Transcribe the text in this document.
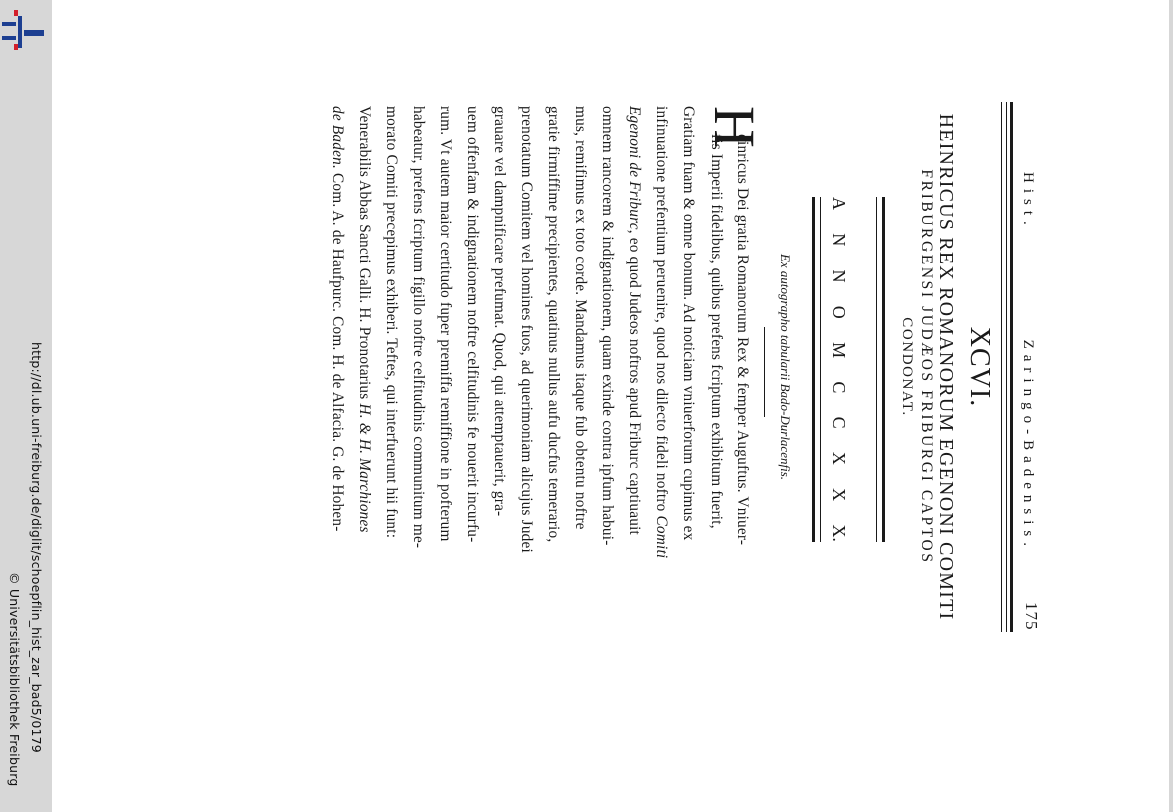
http://dl.ub.uni-freiburg.de/diglit/schoepflin_hist_zar_bad5/0179
© Universitätsbibliothek Freiburg
Hist.
Zaringo-Badensis.
175
XCVI.
HEINRICUS REX ROMANORUM EGENONI COMITI
FRIBURGENSI JUDÆOS FRIBURGI CAPTOS
CONDONAT.
A
N
N
O
M
C
C
X
X
X.
Ex autographo tabularii Bado-Durlacenfis.
H
einricus Dei gratia Romanorum Rex & femper Auguftus. Vniuer-
fis Imperii fidelibus, quibus prefens fcriptum exhibitum fuerit,
Gratiam fuam & omne bonum. Ad noticiam vniuerforum cupimus ex
infinuatione prefentium peruenire, quod nos dilecto fideli noftro Comiti
Egenoni de Friburc, eo quod Judeos noftros apud Friburc captiuauit
omnem rancorem & indignationem, quam exinde contra ipfum habui-
mus, remifimus ex toto corde. Mandamus itaque fub obtentu noftre
gratie firmiffime precipientes, quatinus nullus aufu ducfus temerario,
prenotatum Comitem vel homines fuos, ad querimoniam alicujus Judei
grauare vel dampnificare prefumat. Quod, qui attemptauerit, gra-
uem offenfam & indignationem noftre celfitudinis fe nouerit incurfu-
rum. Vt autem maior certitudo fuper premiffa remiffione in pofterum
habeatur, prefens fcriptum figillo noftre celfitudinis communitum me-
morato Comiti precepimus exhiberi. Teftes, qui interfuerunt hii funt:
Venerabilis Abbas Sancti Galli. H. Pronotarius H. & H. Marchiones
de Baden. Com. A. de Haufpurc. Com. H. de Alfacia. G. de Hohen-
